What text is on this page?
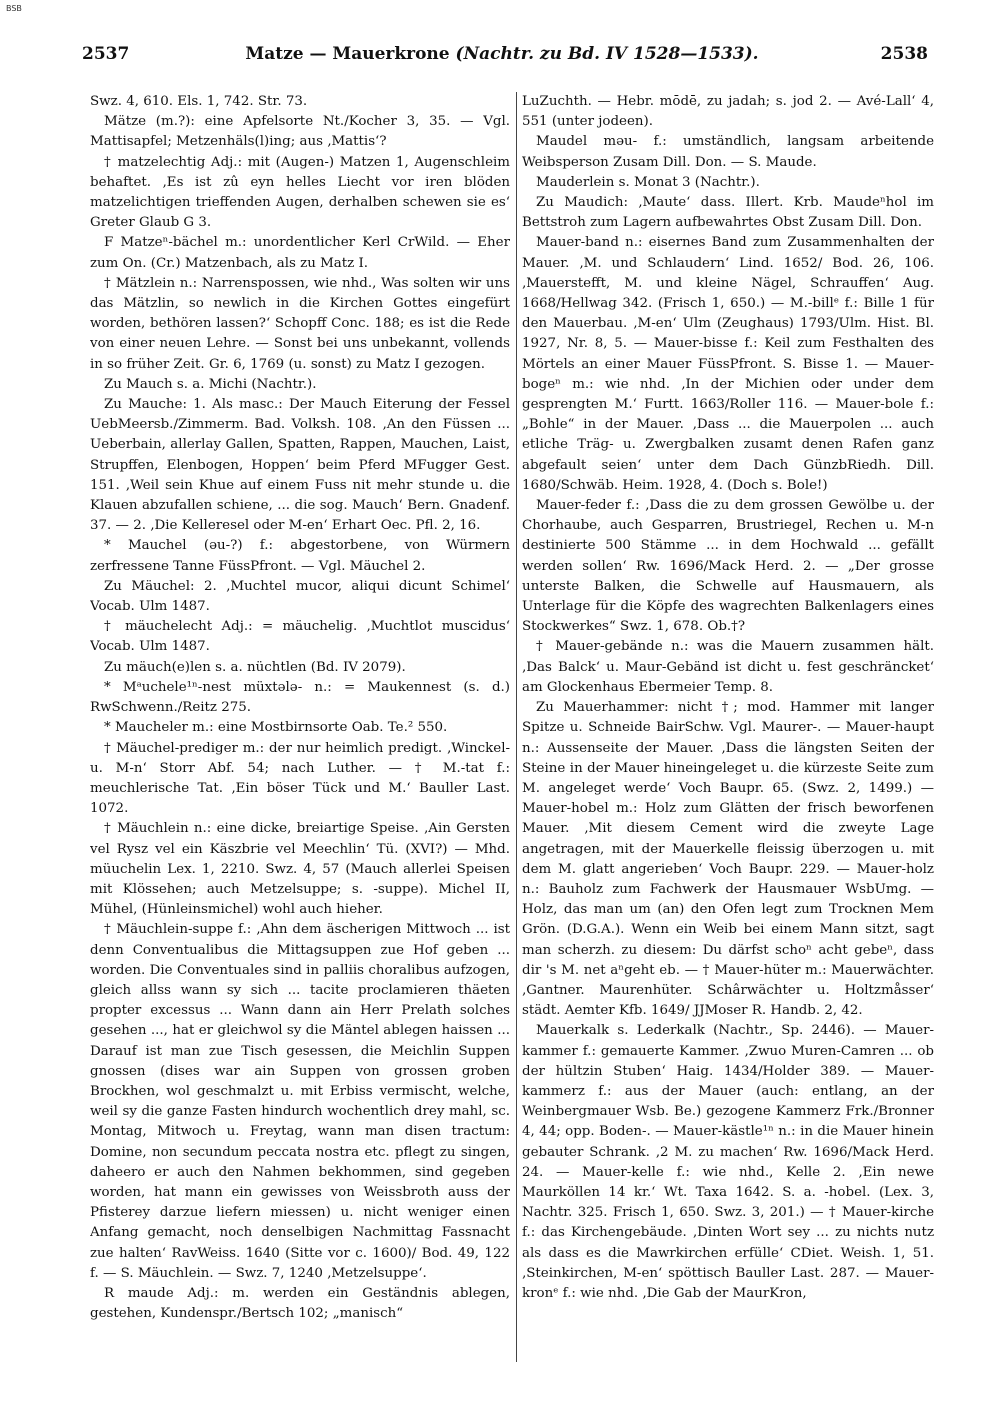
BSB
2537	Matze — Mauerkrone (Nachtr. zu Bd. IV 1528—1533).	2538

Swz. 4, 610. Els. 1, 742. Str. 73.

Mätze (m.?): eine Apfelsorte Nt./Kocher 3, 35. — Vgl. Mattisapfel; Metzenhäls(l)ing; aus ‚Mattis‘?

† matzelechtig Adj.: mit (Augen-) Matzen 1, Augenschleim behaftet. ‚Es ist zû eyn helles Liecht vor iren blöden matzelichtigen trieffenden Augen, derhalben schewen sie es‘ Greter Glaub G 3.

F Matzeⁿ-bächel m.: unordentlicher Kerl CrWild. — Eher zum On. (Cr.) Matzenbach, als zu Matz I.

† Mätzlein n.: Narrenspossen, wie nhd., Was solten wir uns das Mätzlin, so newlich in die Kirchen Gottes eingefürt worden, bethören lassen?‘ Schopff Conc. 188; es ist die Rede von einer neuen Lehre. — Sonst bei uns unbekannt, vollends in so früher Zeit. Gr. 6, 1769 (u. sonst) zu Matz I gezogen.

Zu Mauch s. a. Michi (Nachtr.).

Zu Mauche: 1. Als masc.: Der Mauch Eiterung der Fessel UebMeersb./Zimmerm. Bad. Volksh. 108. ‚An den Füssen ... Ueberbain, allerlay Gallen, Spatten, Rappen, Mauchen, Laist, Strupffen, Elenbogen, Hoppen‘ beim Pferd MFugger Gest. 151. ‚Weil sein Khue auf einem Fuss nit mehr stunde u. die Klauen abzufallen schiene, ... die sog. Mauch‘ Bern. Gnadenf. 37. — 2. ‚Die Kelleresel oder M-en‘ Erhart Oec. Pfl. 2, 16.

* Mauchel (əu-?) f.: abgestorbene, von Würmern zerfressene Tanne FüssPfront. — Vgl. Mäuchel 2.

Zu Mäuchel: 2. ‚Muchtel mucor, aliqui dicunt Schimel‘ Vocab. Ulm 1487.

† mäuchelecht Adj.: = mäuchelig. ‚Muchtlot muscidus‘ Vocab. Ulm 1487.

Zu mäuch(e)len s. a. nüchtlen (Bd. IV 2079).

* Mᵃuchele¹ⁿ-nest müxtələ- n.: = Maukennest (s. d.) RwSchwenn./Reitz 275.

* Maucheler m.: eine Mostbirnsorte Oab. Te.² 550.

† Mäuchel-prediger m.: der nur heimlich predigt. ‚Winckel- u. M-n‘ Storr Abf. 54; nach Luther. — † M.-tat f.: meuchlerische Tat. ‚Ein böser Tück und M.‘ Bauller Last. 1072.

† Mäuchlein n.: eine dicke, breiartige Speise. ‚Ain Gersten vel Rysz vel ein Käszbrie vel Meechlin‘ Tü. (XVI?) — Mhd. müuchelin Lex. 1, 2210. Swz. 4, 57 (Mauch allerlei Speisen mit Klössehen; auch Metzelsuppe; s. -suppe). Michel II, Mühel, (Hünleinsmichel) wohl auch hieher.

† Mäuchlein-suppe f.: ‚Ahn dem äscherigen Mittwoch ... ist denn Conventualibus die Mittagsuppen zue Hof geben ... worden. Die Conventuales sind in palliis choralibus aufzogen, gleich allss wann sy sich ... tacite proclamieren thäeten propter excessus ... Wann dann ain Herr Prelath solches gesehen ..., hat er gleichwol sy die Mäntel ablegen haissen ... Darauf ist man zue Tisch gesessen, die Meichlin Suppen gnossen (dises war ain Suppen von grossen groben Brockhen, wol geschmalzt u. mit Erbiss vermischt, welche, weil sy die ganze Fasten hindurch wochentlich drey mahl, sc. Montag, Mitwoch u. Freytag, wann man disen tractum: Domine, non secundum peccata nostra etc. pflegt zu singen, daheero er auch den Nahmen bekhommen, sind gegeben worden, hat mann ein gewisses von Weissbroth auss der Pfisterey darzue liefern miessen) u. nicht weniger einen Anfang gemacht, noch denselbigen Nachmittag Fassnacht zue halten‘ RavWeiss. 1640 (Sitte vor c. 1600)/ Bod. 49, 122 f. — S. Mäuchlein. — Swz. 7, 1240 ‚Metzelsuppe‘.

R maude Adj.: m. werden ein Geständnis ablegen, gestehen, Kundenspr./Bertsch 102; „manisch“

LuZuchth. — Hebr. mōdē, zu jadah; s. jod 2. — Avé-Lall‘ 4, 551 (unter jodeen).

Maudel məu- f.: umständlich, langsam arbeitende Weibsperson Zusam Dill. Don. — S. Maude.

Mauderlein s. Monat 3 (Nachtr.).

Zu Maudich: ‚Maute‘ dass. Illert. Krb. Maudeⁿhol im Bettstroh zum Lagern aufbewahrtes Obst Zusam Dill. Don.

Mauer-band n.: eisernes Band zum Zusammenhalten der Mauer. ‚M. und Schlaudern‘ Lind. 1652/ Bod. 26, 106. ‚Mauerstefft, M. und kleine Nägel, Schrauffen‘ Aug. 1668/Hellwag 342. (Frisch 1, 650.) — M.-billᵉ f.: Bille 1 für den Mauerbau. ‚M-en‘ Ulm (Zeughaus) 1793/Ulm. Hist. Bl. 1927, Nr. 8, 5. — Mauer-bisse f.: Keil zum Festhalten des Mörtels an einer Mauer FüssPfront. S. Bisse 1. — Mauer-bogeⁿ m.: wie nhd. ‚In der Michien oder under dem gesprengten M.‘ Furtt. 1663/Roller 116. — Mauer-bole f.: „Bohle“ in der Mauer. ‚Dass ... die Mauerpolen ... auch etliche Träg- u. Zwergbalken zusamt denen Rafen ganz abgefault seien‘ unter dem Dach GünzbRiedh. Dill. 1680/Schwäb. Heim. 1928, 4. (Doch s. Bole!)

Mauer-feder f.: ‚Dass die zu dem grossen Gewölbe u. der Chorhaube, auch Gesparren, Brustriegel, Rechen u. M-n destinierte 500 Stämme ... in dem Hochwald ... gefällt werden sollen‘ Rw. 1696/Mack Herd. 2. — „Der grosse unterste Balken, die Schwelle auf Hausmauern, als Unterlage für die Köpfe des wagrechten Balkenlagers eines Stockwerkes“ Swz. 1, 678. Ob.†?

† Mauer-gebände n.: was die Mauern zusammen hält. ‚Das Balck‘ u. Maur-Gebänd ist dicht u. fest geschräncket‘ am Glockenhaus Ebermeier Temp. 8.

Zu Mauerhammer: nicht †; mod. Hammer mit langer Spitze u. Schneide BairSchw. Vgl. Maurer-. — Mauer-haupt n.: Aussenseite der Mauer. ‚Dass die längsten Seiten der Steine in der Mauer hineingeleget u. die kürzeste Seite zum M. angeleget werde‘ Voch Baupr. 65. (Swz. 2, 1499.) — Mauer-hobel m.: Holz zum Glätten der frisch beworfenen Mauer. ‚Mit diesem Cement wird die zweyte Lage angetragen, mit der Mauerkelle fleissig überzogen u. mit dem M. glatt angerieben‘ Voch Baupr. 229. — Mauer-holz n.: Bauholz zum Fachwerk der Hausmauer WsbUmg. — Holz, das man um (an) den Ofen legt zum Trocknen Mem Grön. (D.G.A.). Wenn ein Weib bei einem Mann sitzt, sagt man scherzh. zu diesem: Du därfst schoⁿ acht gebeⁿ, dass dir 's M. net aⁿgeht eb. — † Mauer-hüter m.: Mauerwächter. ‚Gantner. Maurenhüter. Schârwächter u. Holtzmåsser‘ städt. Aemter Kfb. 1649/ JJMoser R. Handb. 2, 42.

Mauerkalk s. Lederkalk (Nachtr., Sp. 2446). — Mauer-kammer f.: gemauerte Kammer. ‚Zwuo Muren-Camren ... ob der hültzin Stuben‘ Haig. 1434/Holder 389. — Mauer-kammerz f.: aus der Mauer (auch: entlang, an der Weinbergmauer Wsb. Be.) gezogene Kammerz Frk./Bronner 4, 44; opp. Boden-. — Mauer-kästle¹ⁿ n.: in die Mauer hinein gebauter Schrank. ‚2 M. zu machen‘ Rw. 1696/Mack Herd. 24. — Mauer-kelle f.: wie nhd., Kelle 2. ‚Ein newe Maurköllen 14 kr.‘ Wt. Taxa 1642. S. a. -hobel. (Lex. 3, Nachtr. 325. Frisch 1, 650. Swz. 3, 201.) — † Mauer-kirche f.: das Kirchengebäude. ‚Dinten Wort sey ... zu nichts nutz als dass es die Mawrkirchen erfülle‘ CDiet. Weish. 1, 51. ‚Steinkirchen, M-en‘ spöttisch Bauller Last. 287. — Mauer-kronᵉ f.: wie nhd. ‚Die Gab der MaurKron,
